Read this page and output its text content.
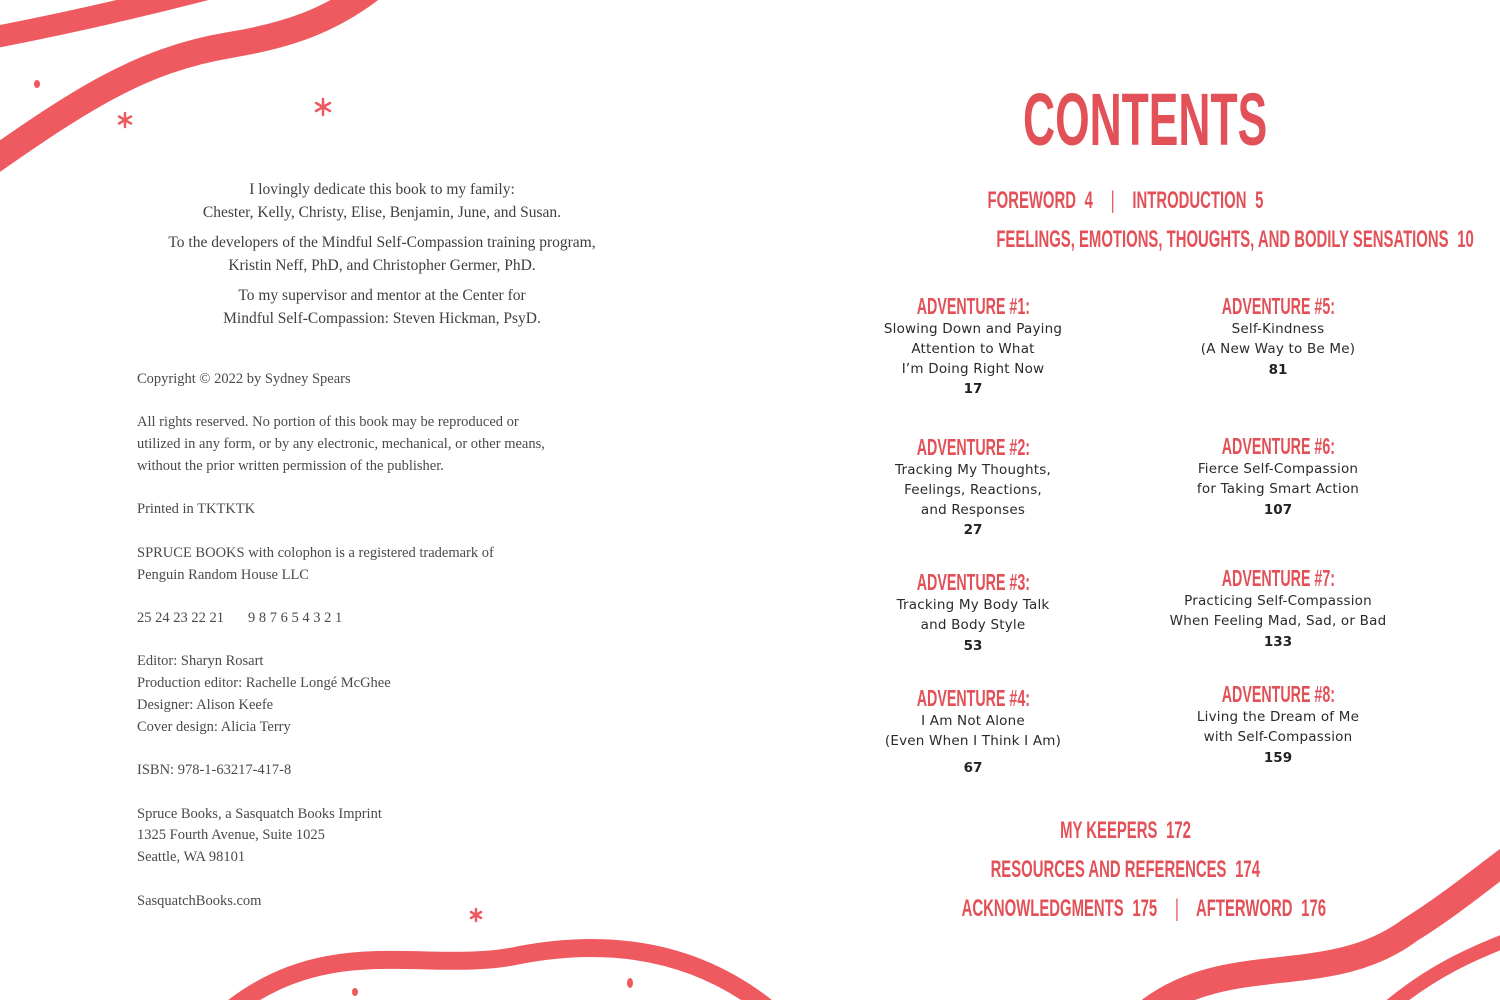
I lovingly dedicate this book to my family:
Chester, Kelly, Christy, Elise, Benjamin, June, and Susan.

To the developers of the Mindful Self-Compassion training program,
Kristin Neff, PhD, and Christopher Germer, PhD.

To my supervisor and mentor at the Center for
Mindful Self-Compassion: Steven Hickman, PsyD.

Copyright © 2022 by Sydney Spears

All rights reserved. No portion of this book may be reproduced or
utilized in any form, or by any electronic, mechanical, or other means,
without the prior written permission of the publisher.

Printed in TKTKTK

SPRUCE BOOKS with colophon is a registered trademark of
Penguin Random House LLC

25 24 23 22 21 9 8 7 6 5 4 3 2 1

Editor: Sharyn Rosart
Production editor: Rachelle Longé McGhee
Designer: Alison Keefe
Cover design: Alicia Terry

ISBN: 978-1-63217-417-8

Spruce Books, a Sasquatch Books Imprint
1325 Fourth Avenue, Suite 1025
Seattle, WA 98101

SasquatchBooks.com

CONTENTS
FOREWORD 4 | INTRODUCTION 5
FEELINGS, EMOTIONS, THOUGHTS, AND BODILY SENSATIONS 10
ADVENTURE #1:
Slowing Down and Paying
Attention to What
I’m Doing Right Now
17
ADVENTURE #2:
Tracking My Thoughts,
Feelings, Reactions,
and Responses
27
ADVENTURE #3:
Tracking My Body Talk
and Body Style
53
ADVENTURE #4:
I Am Not Alone
(Even When I Think I Am)
67
ADVENTURE #5:
Self-Kindness
(A New Way to Be Me)
81
ADVENTURE #6:
Fierce Self-Compassion
for Taking Smart Action
107
ADVENTURE #7:
Practicing Self-Compassion
When Feeling Mad, Sad, or Bad
133
ADVENTURE #8:
Living the Dream of Me
with Self-Compassion
159
MY KEEPERS 172
RESOURCES AND REFERENCES 174
ACKNOWLEDGMENTS 175 | AFTERWORD 176
